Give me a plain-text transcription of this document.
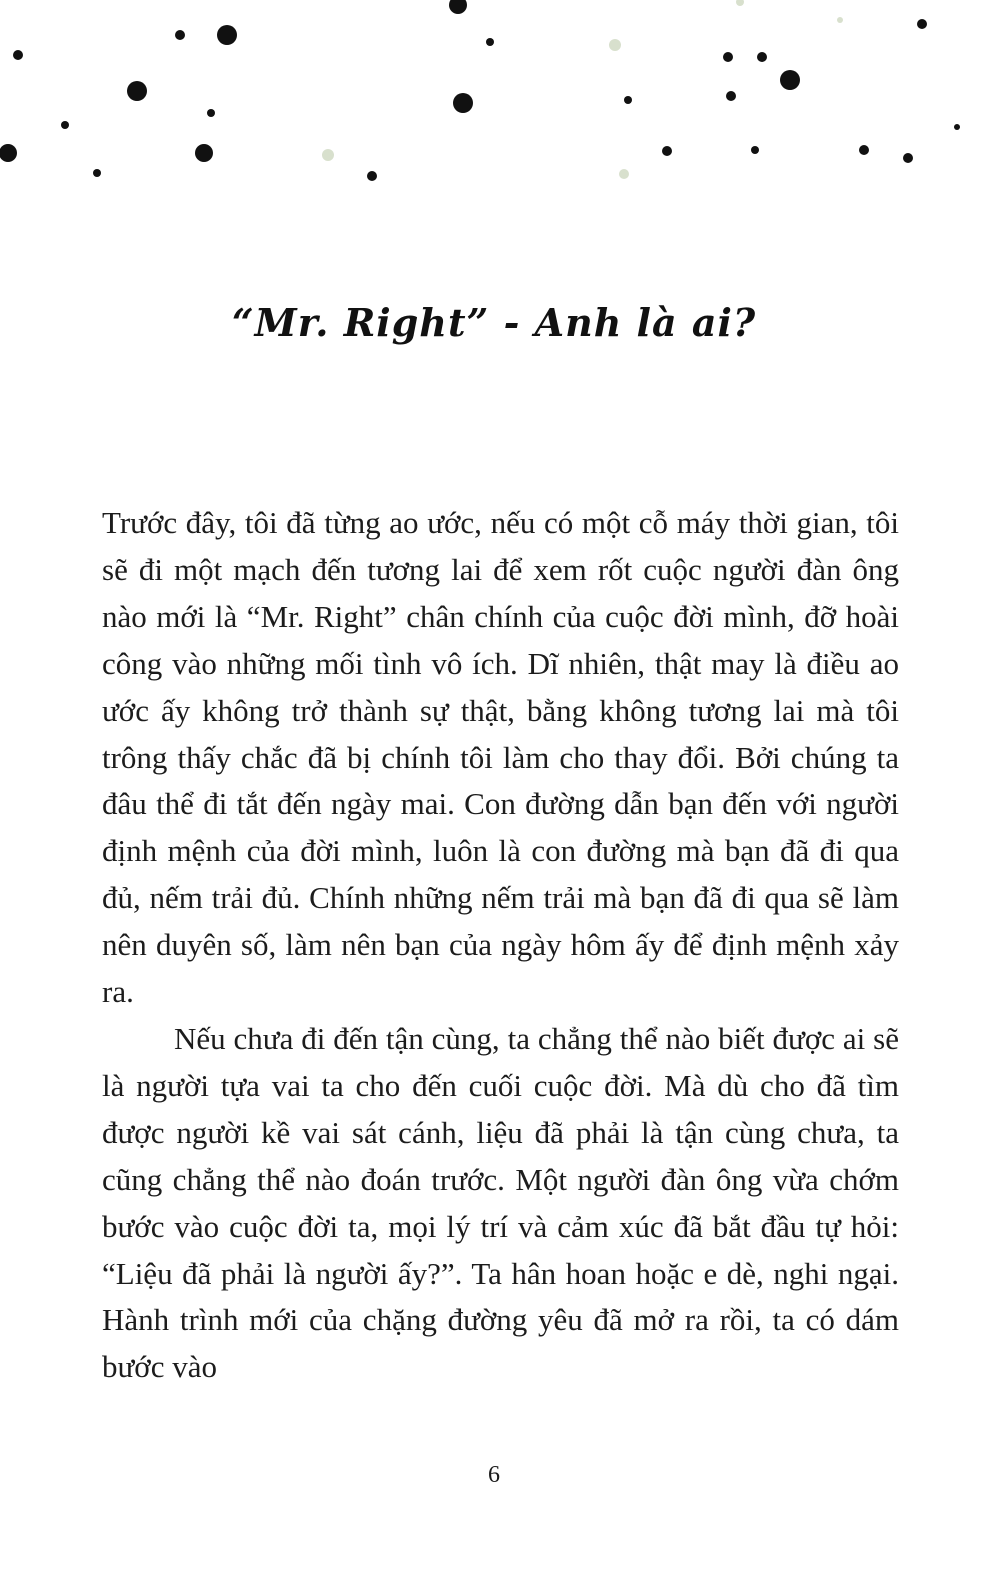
“Mr. Right” - Anh là ai?

Trước đây, tôi đã từng ao ước, nếu có một cỗ máy thời gian, tôi sẽ đi một mạch đến tương lai để xem rốt cuộc người đàn ông nào mới là “Mr. Right” chân chính của cuộc đời mình, đỡ hoài công vào những mối tình vô ích. Dĩ nhiên, thật may là điều ao ước ấy không trở thành sự thật, bằng không tương lai mà tôi trông thấy chắc đã bị chính tôi làm cho thay đổi. Bởi chúng ta đâu thể đi tắt đến ngày mai. Con đường dẫn bạn đến với người định mệnh của đời mình, luôn là con đường mà bạn đã đi qua đủ, nếm trải đủ. Chính những nếm trải mà bạn đã đi qua sẽ làm nên duyên số, làm nên bạn của ngày hôm ấy để định mệnh xảy ra.

Nếu chưa đi đến tận cùng, ta chẳng thể nào biết được ai sẽ là người tựa vai ta cho đến cuối cuộc đời. Mà dù cho đã tìm được người kề vai sát cánh, liệu đã phải là tận cùng chưa, ta cũng chẳng thể nào đoán trước. Một người đàn ông vừa chớm bước vào cuộc đời ta, mọi lý trí và cảm xúc đã bắt đầu tự hỏi: “Liệu đã phải là người ấy?”. Ta hân hoan hoặc e dè, nghi ngại. Hành trình mới của chặng đường yêu đã mở ra rồi, ta có dám bước vào

6
